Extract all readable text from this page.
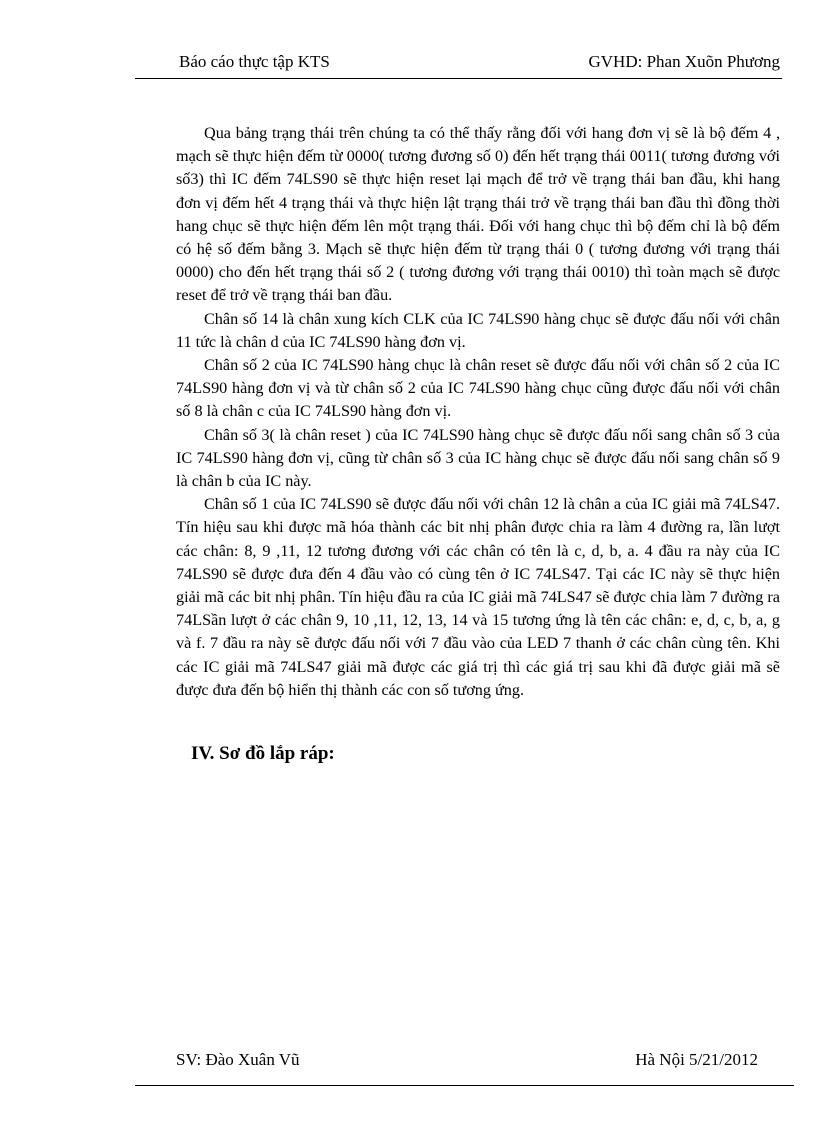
Báo cáo thực tập KTS	GVHD: Phan Xuõn Phương

Qua bảng trạng thái trên chúng ta có thể thấy rằng đối với hang đơn vị sẽ là bộ đếm 4 , mạch sẽ thực hiện đếm từ 0000( tương đương số 0) đến hết trạng thái 0011( tương đương với số3) thì IC đếm 74LS90 sẽ thực hiện reset lại mạch để trở về trạng thái ban đầu, khi hang đơn vị đếm hết 4 trạng thái và thực hiện lật trạng thái trở về trạng thái ban đầu thì đồng thời hang chục sẽ thực hiện đếm lên một trạng thái. Đối với hang chục thì bộ đếm chỉ là bộ đếm có hệ số đếm bằng 3. Mạch sẽ thực hiện đếm từ trạng thái 0 ( tương đương với trạng thái 0000) cho đến hết trạng thái số 2 ( tương đương với trạng thái 0010) thì toàn mạch sẽ được reset để trở về trạng thái ban đầu.

Chân số 14 là chân xung kích CLK của IC 74LS90 hàng chục sẽ được đấu nối với chân 11 tức là chân d của IC 74LS90 hàng đơn vị.

Chân số 2 của IC 74LS90 hàng chục là chân reset sẽ được đấu nối với chân số 2 của IC 74LS90 hàng đơn vị và từ chân số 2 của IC 74LS90 hàng chục cũng được đấu nối với chân số 8 là chân c của IC 74LS90 hàng đơn vị.

Chân số 3( là chân reset ) của IC 74LS90 hàng chục sẽ được đấu nối sang chân số 3 của IC 74LS90 hàng đơn vị, cũng từ chân số 3 của IC hàng chục sẽ được đấu nối sang chân số 9 là chân b của IC này.

Chân số 1 của IC 74LS90 sẽ được đấu nối với chân 12 là chân a của IC giải mã 74LS47. Tín hiệu sau khi được mã hóa thành các bit nhị phân được chia ra làm 4 đường ra, lần lượt các chân: 8, 9 ,11, 12 tương đương với các chân có tên là c, d, b, a. 4 đầu ra này của IC 74LS90 sẽ được đưa đến 4 đầu vào có cùng tên ở IC 74LS47. Tại các IC này sẽ thực hiện giải mã các bit nhị phân. Tín hiệu đầu ra của IC giải mã 74LS47 sẽ được chia làm 7 đường ra 74LSần lượt ở các chân 9, 10 ,11, 12, 13, 14 và 15 tương ứng là tên các chân: e, d, c, b, a, g và f. 7 đầu ra này sẽ được đấu nối với 7 đầu vào của LED 7 thanh ở các chân cùng tên. Khi các IC giải mã 74LS47 giải mã được các giá trị thì các giá trị sau khi đã được giải mã sẽ được đưa đến bộ hiển thị thành các con số tương ứng.

IV. Sơ đồ lắp ráp:
SV: Đào Xuân Vũ	Hà Nội 5/21/2012
